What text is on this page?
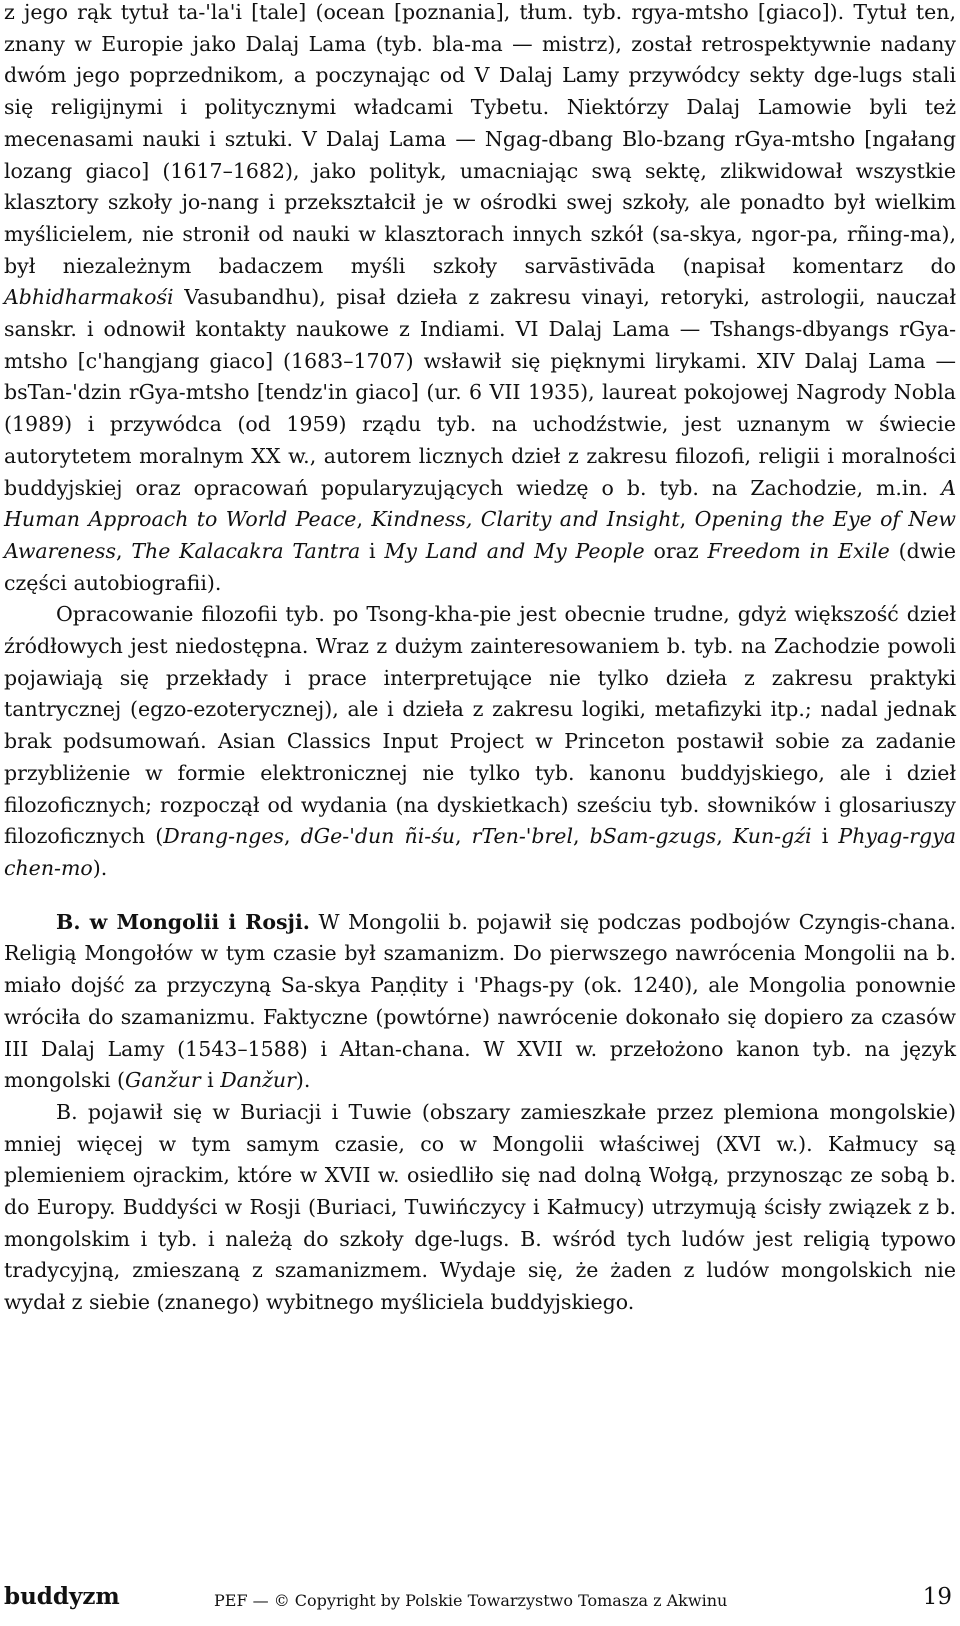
z jego rąk tytuł ta-'la'i [tale] (ocean [poznania], tłum. tyb. rgya-mtsho [giaco]). Tytuł ten, znany w Europie jako Dalaj Lama (tyb. bla-ma — mistrz), został retrospektywnie nadany dwóm jego poprzednikom, a poczynając od V Dalaj Lamy przywódcy sekty dge-lugs stali się religijnymi i politycznymi władcami Tybetu. Niektórzy Dalaj Lamowie byli też mecenasami nauki i sztuki. V Dalaj Lama — Ngag-dbang Blo-bzang rGya-mtsho [ngałang lozang giaco] (1617–1682), jako polityk, umacniając swą sektę, zlikwidował wszystkie klasztory szkoły jo-nang i przekształcił je w ośrodki swej szkoły, ale ponadto był wielkim myślicielem, nie stronił od nauki w klasztorach innych szkół (sa-skya, ngor-pa, rñing-ma), był niezależnym badaczem myśli szkoły sarvāstivāda (napisał komentarz do Abhidharmakośi Vasubandhu), pisał dzieła z zakresu vinayi, retoryki, astrologii, nauczał sanskr. i odnowił kontakty naukowe z Indiami. VI Dalaj Lama — Tshangs-dbyangs rGya-mtsho [c'hangjang giaco] (1683–1707) wsławił się pięknymi lirykami. XIV Dalaj Lama — bsTan-'dzin rGya-mtsho [tendz'in giaco] (ur. 6 VII 1935), laureat pokojowej Nagrody Nobla (1989) i przywódca (od 1959) rządu tyb. na uchodźstwie, jest uznanym w świecie autorytetem moralnym XX w., autorem licznych dzieł z zakresu filozofi, religii i moralności buddyjskiej oraz opracowań popularyzujących wiedzę o b. tyb. na Zachodzie, m.in. A Human Approach to World Peace, Kindness, Clarity and Insight, Opening the Eye of New Awareness, The Kalacakra Tantra i My Land and My People oraz Freedom in Exile (dwie części autobiografii).

Opracowanie filozofii tyb. po Tsong-kha-pie jest obecnie trudne, gdyż większość dzieł źródłowych jest niedostępna. Wraz z dużym zainteresowaniem b. tyb. na Zachodzie powoli pojawiają się przekłady i prace interpretujące nie tylko dzieła z zakresu praktyki tantrycznej (egzo-ezoterycznej), ale i dzieła z zakresu logiki, metafizyki itp.; nadal jednak brak podsumowań. Asian Classics Input Project w Princeton postawił sobie za zadanie przybliżenie w formie elektronicznej nie tylko tyb. kanonu buddyjskiego, ale i dzieł filozoficznych; rozpoczął od wydania (na dyskietkach) sześciu tyb. słowników i glosariuszy filozoficznych (Drang-nges, dGe-'dun ñi-śu, rTen-'brel, bSam-gzugs, Kun-gźi i Phyag-rgya chen-mo).

B. w Mongolii i Rosji. W Mongolii b. pojawił się podczas podbojów Czyngis-chana. Religią Mongołów w tym czasie był szamanizm. Do pierwszego nawrócenia Mongolii na b. miało dojść za przyczyną Sa-skya Paṇḍity i 'Phags-py (ok. 1240), ale Mongolia ponownie wróciła do szamanizmu. Faktyczne (powtórne) nawrócenie dokonało się dopiero za czasów III Dalaj Lamy (1543–1588) i Ałtan-chana. W XVII w. przełożono kanon tyb. na język mongolski (Ganžur i Danžur).

B. pojawił się w Buriacji i Tuwie (obszary zamieszkałe przez plemiona mongolskie) mniej więcej w tym samym czasie, co w Mongolii właściwej (XVI w.). Kałmucy są plemieniem ojrackim, które w XVII w. osiedliło się nad dolną Wołgą, przynosząc ze sobą b. do Europy. Buddyści w Rosji (Buriaci, Tuwińczycy i Kałmucy) utrzymują ścisły związek z b. mongolskim i tyb. i należą do szkoły dge-lugs. B. wśród tych ludów jest religią typowo tradycyjną, zmieszaną z szamanizmem. Wydaje się, że żaden z ludów mongolskich nie wydał z siebie (znanego) wybitnego myśliciela buddyjskiego.

buddyzm	PEF — © Copyright by Polskie Towarzystwo Tomasza z Akwinu	19
